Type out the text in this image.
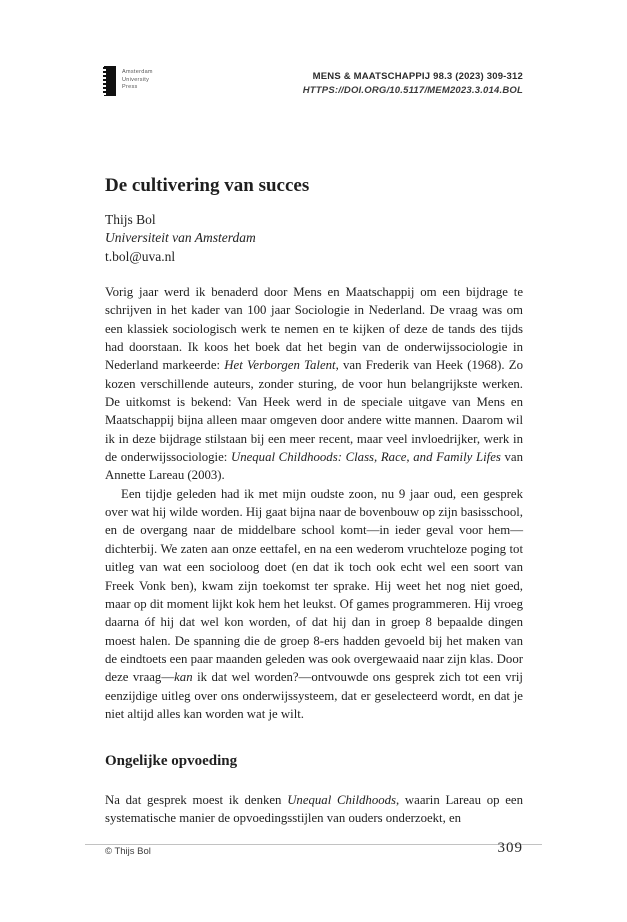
Amsterdam
University
Press
MENS & MAATSCHAPPIJ 98.3 (2023) 309-312
HTTPS://DOI.ORG/10.5117/MEM2023.3.014.BOL
De cultivering van succes
Thijs Bol
Universiteit van Amsterdam
t.bol@uva.nl

Vorig jaar werd ik benaderd door Mens en Maatschappij om een bijdrage te schrijven in het kader van 100 jaar Sociologie in Nederland. De vraag was om een klassiek sociologisch werk te nemen en te kijken of deze de tands des tijds had doorstaan. Ik koos het boek dat het begin van de onderwijssociologie in Nederland markeerde: Het Verborgen Talent, van Frederik van Heek (1968). Zo kozen verschillende auteurs, zonder sturing, de voor hun belangrijkste werken. De uitkomst is bekend: Van Heek werd in de speciale uitgave van Mens en Maatschappij bijna alleen maar omgeven door andere witte mannen. Daarom wil ik in deze bijdrage stilstaan bij een meer recent, maar veel invloedrijker, werk in de onderwijssociologie: Unequal Childhoods: Class, Race, and Family Lifes van Annette Lareau (2003).

Een tijdje geleden had ik met mijn oudste zoon, nu 9 jaar oud, een gesprek over wat hij wilde worden. Hij gaat bijna naar de bovenbouw op zijn basisschool, en de overgang naar de middelbare school komt—in ieder geval voor hem—dichterbij. We zaten aan onze eettafel, en na een wederom vruchteloze poging tot uitleg van wat een socioloog doet (en dat ik toch ook echt wel een soort van Freek Vonk ben), kwam zijn toekomst ter sprake. Hij weet het nog niet goed, maar op dit moment lijkt kok hem het leukst. Of games programmeren. Hij vroeg daarna óf hij dat wel kon worden, of dat hij dan in groep 8 bepaalde dingen moest halen. De spanning die de groep 8-ers hadden gevoeld bij het maken van de eindtoets een paar maanden geleden was ook overgewaaid naar zijn klas. Door deze vraag—kan ik dat wel worden?—ontvouwde ons gesprek zich tot een vrij eenzijdige uitleg over ons onderwijssysteem, dat er geselecteerd wordt, en dat je niet altijd alles kan worden wat je wilt.

Ongelijke opvoeding

Na dat gesprek moest ik denken Unequal Childhoods, waarin Lareau op een systematische manier de opvoedingsstijlen van ouders onderzoekt, en

© Thijs Bol	309
